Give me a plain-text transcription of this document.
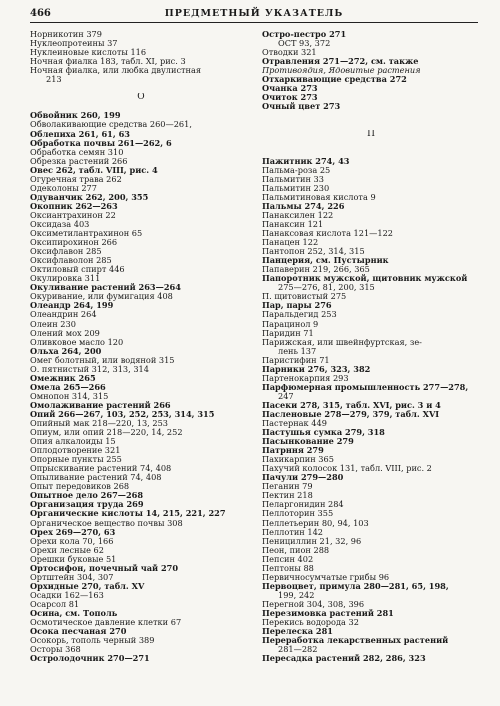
466	ПРЕДМЕТНЫЙ УКАЗАТЕЛЬ
Норникотин 379
Нуклеопротеины 37
Нуклеиновые кислоты 116
Ночная фиалка 183, табл. XI, рис. 3
Ночная фиалка, или любка двулистная
213
О
Обвойник 260, 199
Обволакивающие средства 260—261,
Облепиха 261, 61, 63
Обработка почвы 261—262, 6
Обработка семян 310
Обрезка растений 266
Овес 262, табл. VIII, рис. 4
Огуречная трава 262
Одеколоны 277
Одуванчик 262, 200, 355
Окопник 262—263
Оксиантрахинон 22
Оксидаза 403
Оксиметилантрахинон 65
Оксипирохинон 266
Оксифлавон 285
Оксифлаволон 285
Октиловый спирт 446
Окулировка 311
Окуливание растений 263—264
Окуривание, или фумигация 408
Олеандр 264, 199
Олеандрин 264
Олеин 230
Олений мох 209
Оливковое масло 120
Ольха 264, 200
Омег болотный, или водяной 315
О. пятнистый 312, 313, 314
Омежник 265
Омела 265—266
Омнопон 314, 315
Омолаживание растений 266
Опий 266—267, 103, 252, 253, 314, 315
Опийный мак 218—220, 13, 253
Опиум, или опий 218—220, 14, 252
Опия алкалоиды 15
Оплодотворение 321
Опорные пункты 255
Опрыскивание растений 74, 408
Опыливание растений 74, 408
Опыт передовиков 268
Опытное дело 267—268
Организация труда 269
Органические кислоты 14, 215, 221, 227
Органическое вещество почвы 308
Орех 269—270, 63
Орехи кола 70, 166
Орехи лесные 62
Орешки буковые 51
Ортосифон, почечный чай 270
Ортштейн 304, 307
Орхидные 270, табл. XV
Осадки 162—163
Осарсол 81
Осина, см. Тополь
Осмотическое давление клетки 67
Осока песчаная 270
Осокорь, тополь черный 389
Осторы 368
Остролодочник 270—271
Остро-пестро 271
ОСТ 93, 372
Отводки 321
Отравления 271—272, см. также
Противоядия, Ядовитые растения
Отхаркивающие средства 272
Очанка 273
Очиток 273
Очный цвет 273
П
Пажитник 274, 43
Пальма-роза 25
Пальмитин 33
Пальмитин 230
Пальмитиновая кислота 9
Пальмы 274, 226
Панаксилен 122
Панаксин 121
Панаксовая кислота 121—122
Панацен 122
Пантопон 252, 314, 315
Панцерия, см. Пустырник
Папаверин 219, 266, 365
Папоротник мужской, щитовник мужской
275—276, 81, 200, 315
П. щитовистый 275
Пар, пары 276
Паральдегид 253
Парацинол 9
Паридин 71
Парижская, или швейнфуртская, зе-
лень 137
Паристифин 71
Парники 276, 323, 382
Партенокарпия 293
Парфюмерная промышленность 277—278,
247
Пасеки 278, 315, табл. XVI, рис. 3 и 4
Пасленовые 278—279, 379, табл. XVI
Пастернак 449
Пастушья сумка 279, 318
Пасынкование 279
Патрння 279
Пахикарпин 365
Пахучий колосок 131, табл. VIII, рис. 2
Пачули 279—280
Пеганин 79
Пектин 218
Пеларгонидин 284
Пеллоторин 355
Пеллетьерин 80, 94, 103
Пеллотин 142
Пенициллин 21, 32, 96
Пеон, пион 288
Пепсин 402
Пептоны 88
Первичносумчатые грибы 96
Первоцвет, примула 280—281, 65, 198,
199, 242
Перегной 304, 308, 396
Перезимовка растений 281
Перекись водорода 32
Перелеска 281
Переработка лекарственных растений
281—282
Пересадка растений 282, 286, 323
